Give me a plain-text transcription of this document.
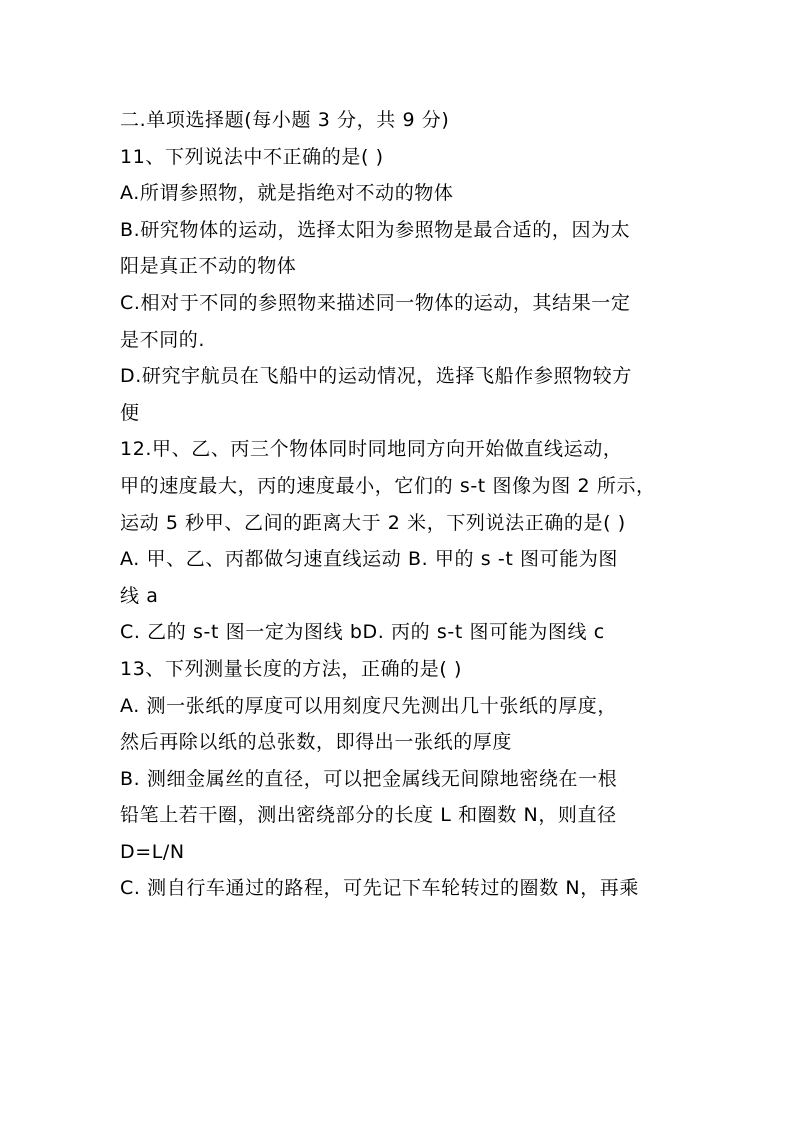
二.单项选择题(每小题 3 分，共 9 分)
11、下列说法中不正确的是( )
A.所谓参照物，就是指绝对不动的物体
B.研究物体的运动，选择太阳为参照物是最合适的，因为太
阳是真正不动的物体
C.相对于不同的参照物来描述同一物体的运动，其结果一定
是不同的.
D.研究宇航员在飞船中的运动情况，选择飞船作参照物较方
便
12.甲、乙、丙三个物体同时同地同方向开始做直线运动，
甲的速度最大，丙的速度最小，它们的 s-t 图像为图 2 所示，
运动 5 秒甲、乙间的距离大于 2 米，下列说法正确的是( )
A. 甲、乙、丙都做匀速直线运动 B. 甲的 s -t 图可能为图
线 a
C. 乙的 s-t 图一定为图线 bD. 丙的 s-t 图可能为图线 c
13、下列测量长度的方法，正确的是( )
A. 测一张纸的厚度可以用刻度尺先测出几十张纸的厚度，
然后再除以纸的总张数，即得出一张纸的厚度
B. 测细金属丝的直径，可以把金属线无间隙地密绕在一根
铅笔上若干圈，测出密绕部分的长度 L 和圈数 N，则直径
D=L/N
C. 测自行车通过的路程，可先记下车轮转过的圈数 N，再乘
